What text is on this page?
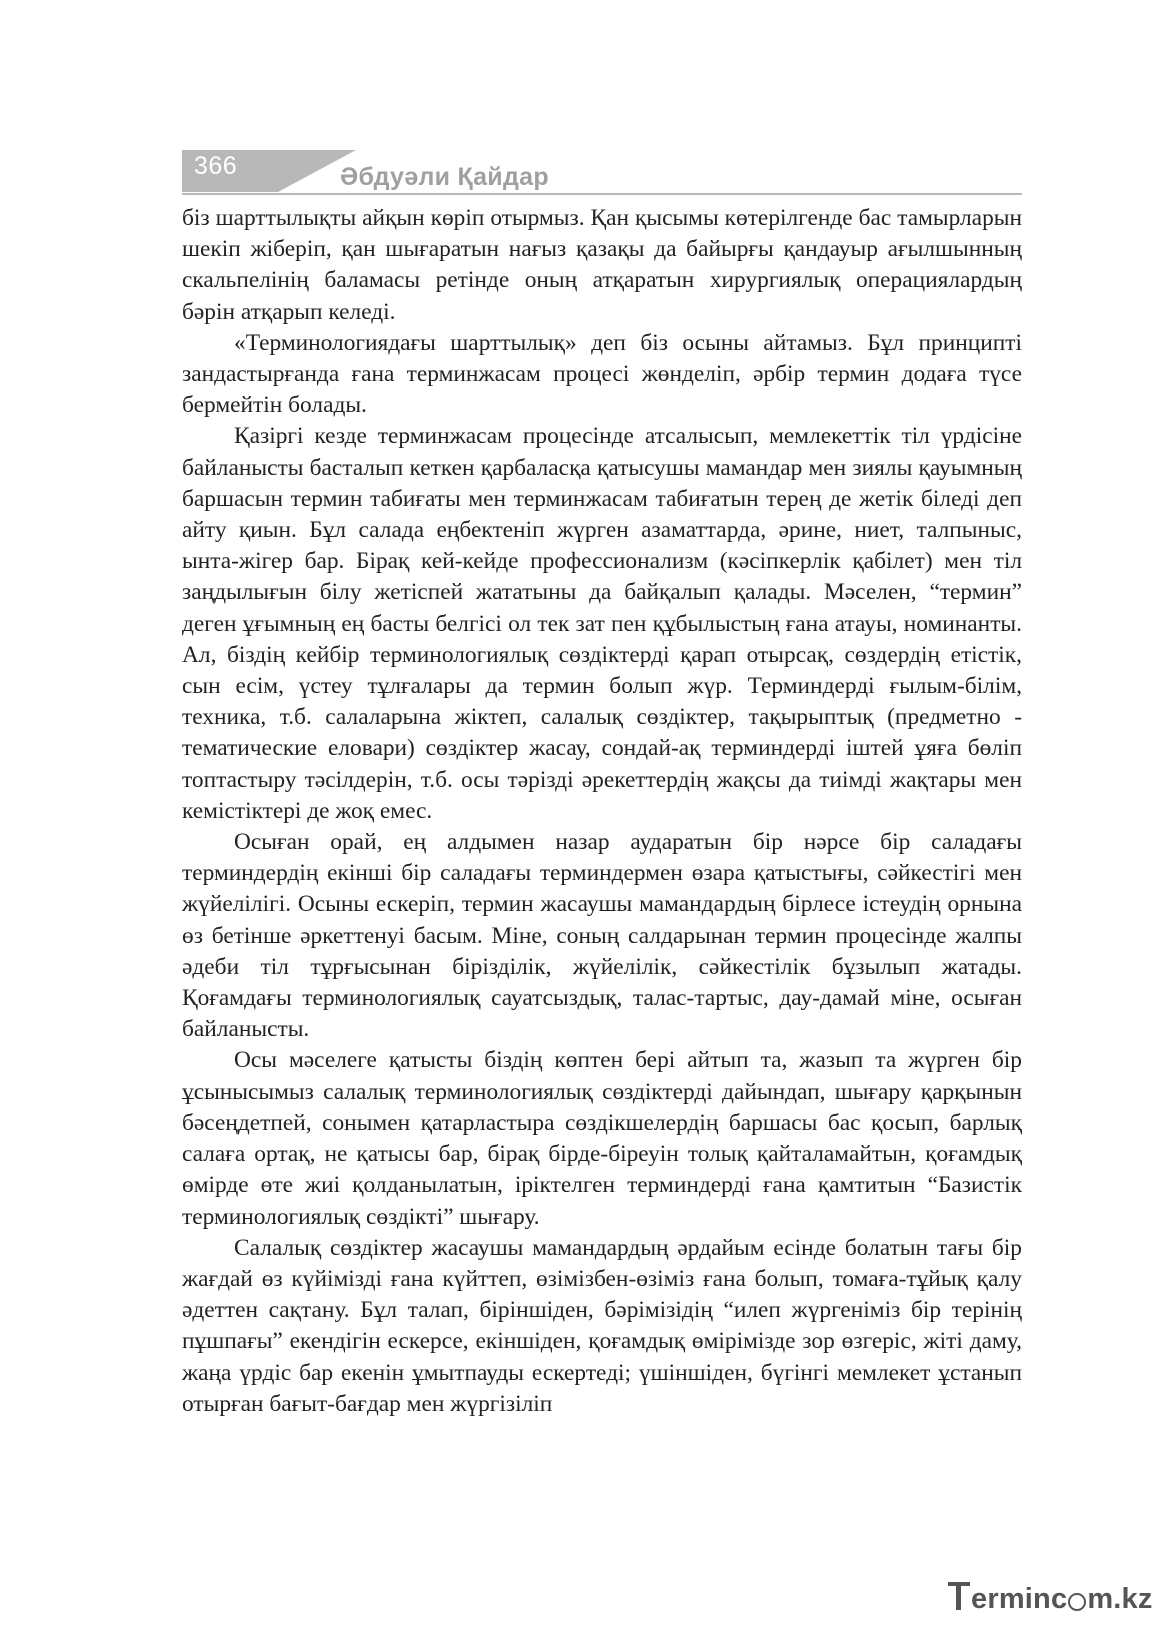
366	Әбдуәли Қайдар

біз шарттылықты айқын көріп отырмыз. Қан қысымы көтерілгенде бас тамырларын шекіп жіберіп, қан шығаратын нағыз қазақы да байырғы қандауыр ағылшынның скальпелінің баламасы ретінде оның атқаратын хирургиялық операциялардың бәрін атқарып келеді.

«Терминологиядағы шарттылық» деп біз осыны айтамыз. Бұл принципті зандастырғанда ғана терминжасам процесі жөнделіп, әрбір термин додаға түсе бермейтін болады.

Қазіргі кезде терминжасам процесінде атсалысып, мемлекеттік тіл үрдісіне байланысты басталып кеткен қарбаласқа қатысушы мамандар мен зиялы қауымның баршасын термин табиғаты мен терминжасам табиғатын терең де жетік біледі деп айту қиын. Бұл салада еңбектеніп жүрген азаматтарда, әрине, ниет, талпыныс, ынта-жігер бар. Бірақ кей-кейде профессионализм (кәсіпкерлік қабілет) мен тіл заңдылығын білу жетіспей жататыны да байқалып қалады. Мәселен, “термин” деген ұғымның ең басты белгісі ол тек зат пен құбылыстың ғана атауы, номинанты. Ал, біздің кейбір терминологиялық сөздіктерді қарап отырсақ, сөздердің етістік, сын есім, үстеу тұлғалары да термин болып жүр. Терминдерді ғылым-білім, техника, т.б. салаларына жіктеп, салалық сөздіктер, тақырыптық (предметно - тематические еловари) сөздіктер жасау, сондай-ақ терминдерді іштей ұяға бөліп топтастыру тәсілдерін, т.б. осы тәрізді әрекеттердің жақсы да тиімді жақтары мен кемістіктері де жоқ емес.

Осыған орай, ең алдымен назар аударатын бір нәрсе бір саладағы терминдердің екінші бір саладағы терминдермен өзара қатыстығы, сәйкестігі мен жүйелілігі. Осыны ескеріп, термин жасаушы мамандардың бірлесе істеудің орнына өз бетінше әркеттенуі басым. Міне, соның салдарынан термин процесінде жалпы әдеби тіл тұрғысынан бірізділік, жүйелілік, сәйкестілік бұзылып жатады. Қоғамдағы терминологиялық сауатсыздық, талас-тартыс, дау-дамай міне, осыған байланысты.

Осы мәселеге қатысты біздің көптен бері айтып та, жазып та жүрген бір ұсынысымыз салалық терминологиялық сөздіктерді дайындап, шығару қарқынын бәсеңдетпей, сонымен қатарластыра сөздікшелердің баршасы бас қосып, барлық салаға ортақ, не қатысы бар, бірақ бірде-біреуін толық қайталамайтын, қоғамдық өмірде өте жиі қолданылатын, іріктелген терминдерді ғана қамтитын “Базистік терминологиялық сөздікті” шығару.

Салалық сөздіктер жасаушы мамандардың әрдайым есінде болатын тағы бір жағдай өз күйімізді ғана күйттеп, өзімізбен-өзіміз ғана болып, томаға-тұйық қалу әдеттен сақтану. Бұл талап, біріншіден, бәрімізідің “илеп жүргеніміз бір терінің пұшпағы” екендігін ескерсе, екіншіден, қоғамдық өмірімізде зор өзгеріс, жіті даму, жаңа үрдіс бар екенін ұмытпауды ескертеді; үшіншіден, бүгінгі мемлекет ұстанып отырған бағыт-бағдар мен жүргізіліп

erminc m.kz
